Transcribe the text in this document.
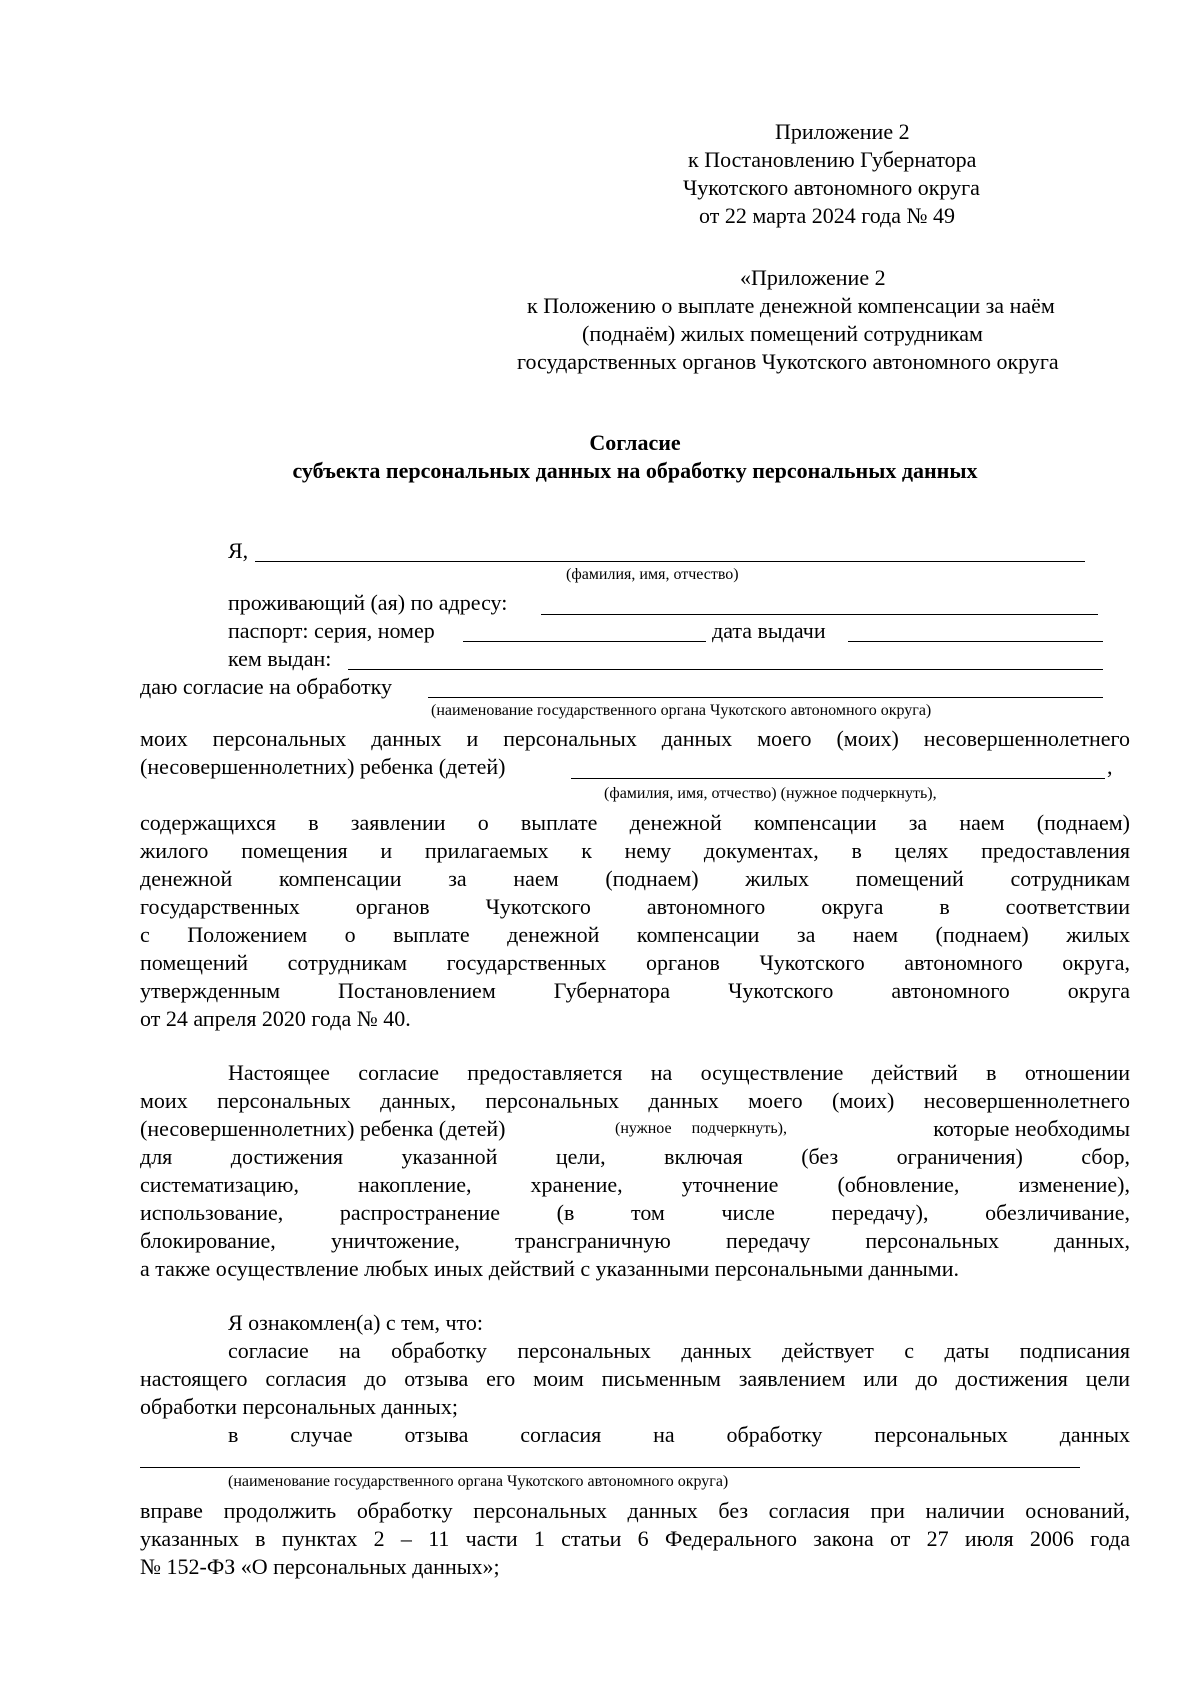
Приложение 2
к Постановлению Губернатора
Чукотского автономного округа
от 22 марта 2024 года № 49
«Приложение 2
к Положению о выплате денежной компенсации за наём
(поднаём) жилых помещений сотрудникам
государственных органов Чукотского автономного округа
Согласие
субъекта персональных данных на обработку персональных данных
Я,
(фамилия, имя, отчество)
проживающий (ая) по адресу:
паспорт: серия, номер	дата выдачи
кем выдан:
даю согласие на обработку
(наименование государственного органа Чукотского автономного округа)
моих персональных данных и персональных данных моего (моих) несовершеннолетнего
(несовершеннолетних) ребенка (детей)	,
(фамилия, имя, отчество) (нужное подчеркнуть),
содержащихся в заявлении о выплате денежной компенсации за наем (поднаем)
жилого помещения и прилагаемых к нему документах, в целях предоставления
денежной компенсации за наем (поднаем) жилых помещений сотрудникам
государственных органов Чукотского автономного округа в соответствии
с Положением о выплате денежной компенсации за наем (поднаем) жилых
помещений сотрудникам государственных органов Чукотского автономного округа,
утвержденным Постановлением Губернатора Чукотского автономного округа
от 24 апреля 2020 года № 40.
Настоящее согласие предоставляется на осуществление действий в отношении
моих персональных данных, персональных данных моего (моих) несовершеннолетнего
(несовершеннолетних) ребенка (детей)	(нужное     подчеркнуть),	которые необходимы
для достижения указанной цели, включая (без ограничения) сбор,
систематизацию, накопление, хранение, уточнение (обновление, изменение),
использование, распространение (в том числе передачу), обезличивание,
блокирование, уничтожение, трансграничную передачу персональных данных,
а также осуществление любых иных действий с указанными персональными данными.
Я ознакомлен(а) с тем, что:
согласие на обработку персональных данных действует с даты подписания
настоящего согласия до отзыва его моим письменным заявлением или до достижения цели
обработки персональных данных;
в случае отзыва согласия на обработку персональных данных
(наименование государственного органа Чукотского автономного округа)
вправе продолжить обработку персональных данных без согласия при наличии оснований,
указанных в пунктах 2 – 11 части 1 статьи 6 Федерального закона от 27 июля 2006 года
№ 152-ФЗ «О персональных данных»;
